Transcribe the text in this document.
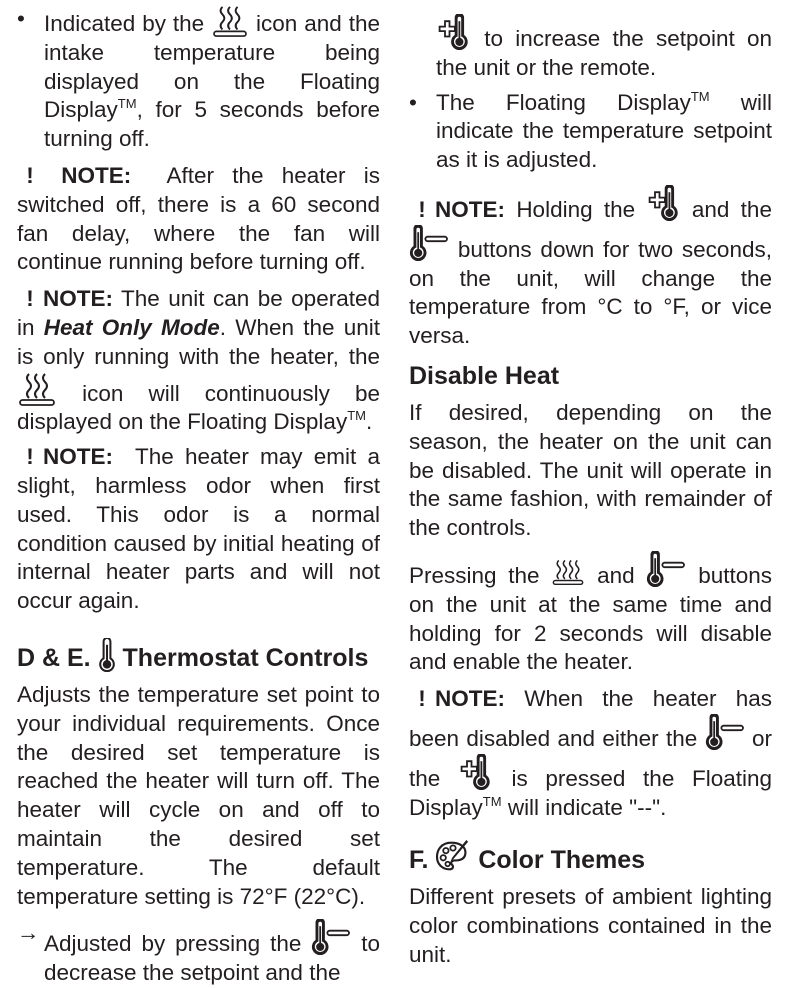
• Indicated by the icon and the intake temperature being displayed on the Floating Display™, for 5 seconds before turning off.

! NOTE: After the heater is switched off, there is a 60 second fan delay, where the fan will continue running before turning off.

! NOTE: The unit can be operated in Heat Only Mode. When the unit is only running with the heater, the  icon will continuously be displayed on the Floating Display™.

! NOTE: The heater may emit a slight, harmless odor when first used. This odor is a normal condition caused by initial heating of internal heater parts and will not occur again.

D & E. Thermostat Controls

Adjusts the temperature set point to your individual requirements. Once the desired set temperature is reached the heater will turn off. The heater will cycle on and off to maintain the desired set temperature. The default temperature setting is 72°F (22°C).

→ Adjusted by pressing the	to decrease the setpoint and the

to increase the setpoint on the unit or the remote.

• The Floating Display™ will indicate the temperature setpoint as it is adjusted.

! NOTE: Holding the	and the  buttons down for two seconds, on the unit, will change the temperature from °C to °F, or vice versa.

Disable Heat

If desired, depending on the season, the heater on the unit can be disabled. The unit will operate in the same fashion, with remainder of the controls.

Pressing the	and	buttons on the unit at the same time and holding for 2 seconds will disable and enable the heater.

! NOTE: When the heater has been disabled and either the or the	is pressed the Floating Display™ will indicate "--".

F. Color Themes

Different presets of ambient lighting color combinations contained in the unit.
